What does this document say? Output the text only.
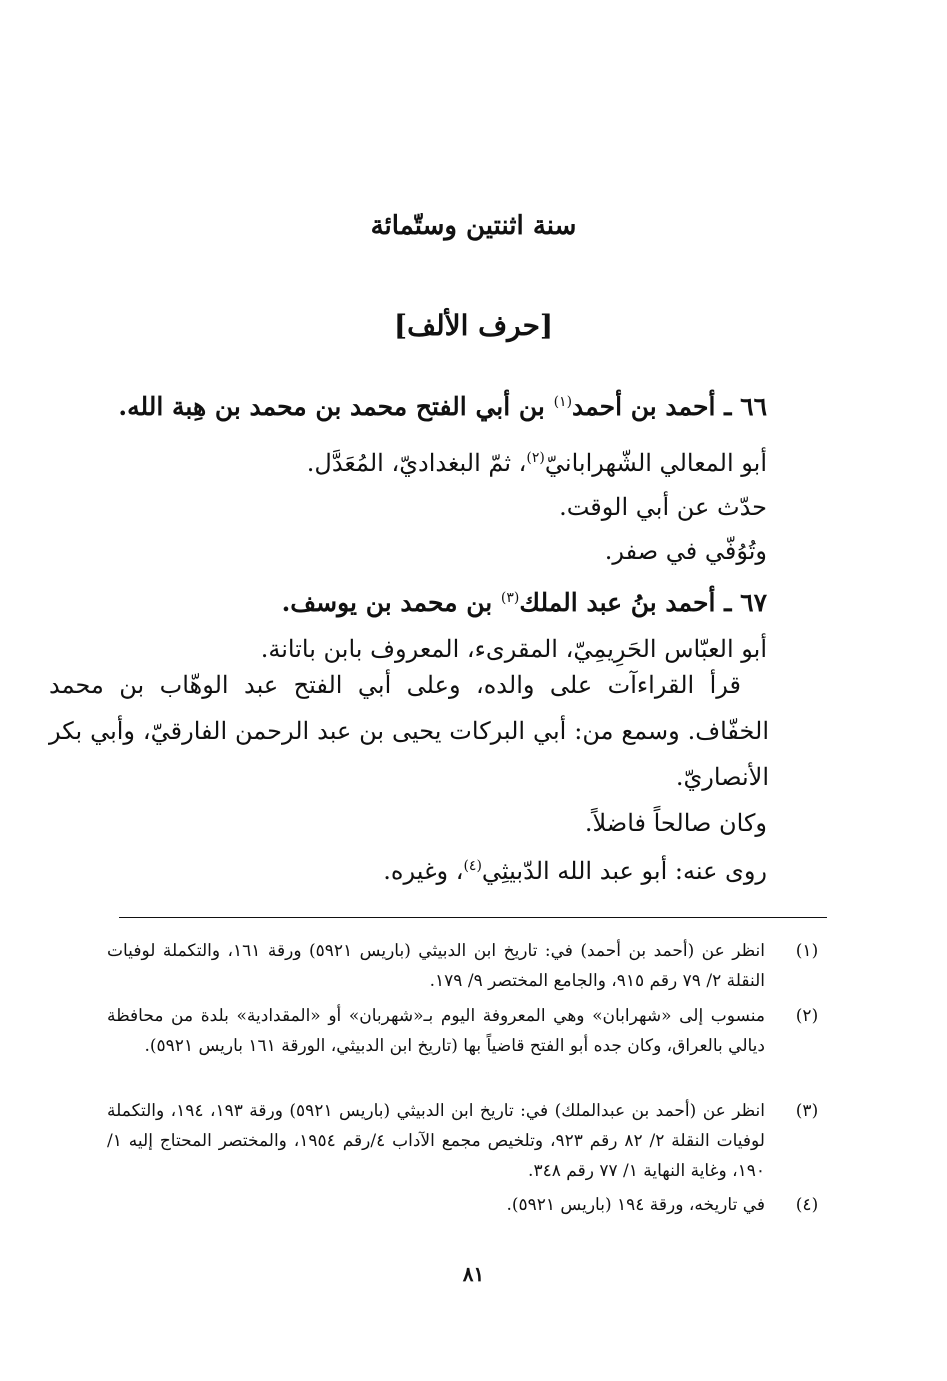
سنة اثنتين وستّمائة
[حرف الألف]
٦٦ ـ أحمد بن أحمد$^{(١)}$ بن أبي الفتح محمد بن محمد بن هِبة الله.
أبو المعالي الشّهرابانيّ$^{(٢)}$، ثمّ البغداديّ، المُعَدَّل.
حدّث عن أبي الوقت.
وتُوُفّي في صفر.
٦٧ ـ أحمد بنُ عبد الملك$^{(٣)}$ بن محمد بن يوسف.
أبو العبّاس الحَرِيمِيّ، المقرىء، المعروف بابن باتانة.
قرأ القراءآت على والده، وعلى أبي الفتح عبد الوهّاب بن محمد الخفّاف. وسمع من: أبي البركات يحيى بن عبد الرحمن الفارقيّ، وأبي بكر الأنصاريّ.
وكان صالحاً فاضلاً.
روى عنه: أبو عبد الله الدّبيثِي$^{(٤)}$، وغيره.
(١)
انظر عن (أحمد بن أحمد) في: تاريخ ابن الدبيثي (باريس ٥٩٢١) ورقة ١٦١، والتكملة لوفيات النقلة ٢/ ٧٩ رقم ٩١٥، والجامع المختصر ٩/ ١٧٩.
(٢)
منسوب إلى «شهرابان» وهي المعروفة اليوم بـ«شهربان» أو «المقدادية» بلدة من محافظة ديالي بالعراق، وكان جده أبو الفتح قاضياً بها (تاريخ ابن الدبيثي، الورقة ١٦١ باريس ٥٩٢١).
(٣)
انظر عن (أحمد بن عبدالملك) في: تاريخ ابن الدبيثي (باريس ٥٩٢١) ورقة ١٩٣، ١٩٤، والتكملة لوفيات النقلة ٢/ ٨٢ رقم ٩٢٣، وتلخيص مجمع الآداب ٤/رقم ١٩٥٤، والمختصر المحتاج إليه ١/ ١٩٠، وغاية النهاية ١/ ٧٧ رقم ٣٤٨.
(٤)
في تاريخه، ورقة ١٩٤ (باريس ٥٩٢١).
٨١
